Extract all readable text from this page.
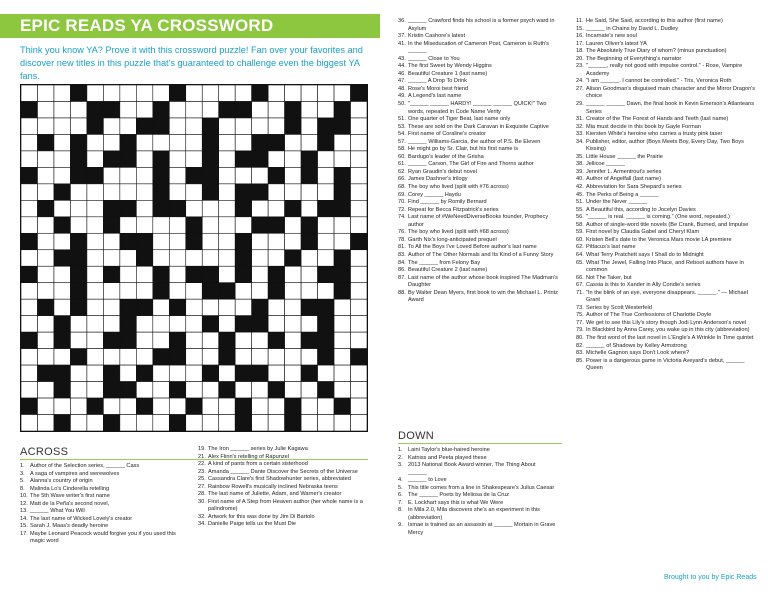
EPIC READS YA CROSSWORD
Think you know YA? Prove it with this crossword puzzle! Fan over your favorites and discover new titles in this puzzle that's guaranteed to challenge even the biggest YA fans.
ACROSS
1. Author of the Selection series, ______ Cass
3. A saga of vampires and werewolves
5. Alanna's country of origin
8. Malinda Lo's Cinderella retelling
10. The 5th Wave writer's first name
12. Matt de la Peña's second novel,
13. ______ What You Will
14. The last name of Wicked Lovely's creator
15. Sarah J. Maas's deadly heroine
17. Maybe Leonard Peacock would forgive you if you used this magic word
19. The Iron ______ series by Julie Kagawa
21. Alex Flinn's retelling of Rapunzel
22. A kind of pants from a certain sisterhood
23. Amanda ______ Dante Discover the Secrets of the Universe
25. Cassandra Clare's first Shadowhunter series, abbreviated
27. Rainbow Rowell's musically inclined Nebraska teens
28. The last name of Juliette, Adam, and Warner's creator
30. First name of A Step from Heaven author (her whole name is a palindrome)
32. Artwork for this was done by Jim Di Bartolo
34. Danielle Paige tells us the Must Die
36. ______ Crawford finds his school is a former psych ward in Asylum
37. Kristin Cashore's latest
41. In the Miseducation of Cameron Post, Cameron is Ruth's
______
43. ______ Close to You
44. The first Sweet by Wendy Higgins
46. Beautiful Creature 1 (last name)
47. ______ A Drop To Drink
48. Rose's Moroi best friend
49. A Legend's last name
50. "______ ______ HARDY! ______ ______ QUICK!" Two words, repeated in Code Name Verity
51. One quarter of Tiger Beat, last name only
53. These are sold on the Dark Caravan in Exquisite Captive
54. First name of Coraline's creator
57. ______ Williams-Garcia, the author of P.S. Be Eleven
58. He might go by Sr. Clair, but his first name is
60. Bardugo's leader of the Grisha
61. ______ Carson, The Girl of Fire and Thorns author
62. Ryan Graudin's debut novel
66. James Dashner's trilogy
68. The boy who lived (split with #76 across)
69. Corey ______ Haydu
70. Find ______ by Romily Bernard
72. Repeat for Becca Fitzpatrick's series
74. Last name of #WeNeedDiverseBooks founder, Prophecy author
76. The boy who lived (split with #68 across)
78. Garth Nix's long-anticipated prequel
81. To All the Boys I've Loved Before author's last name
83. Author of The Other Normals and Its Kind of a Funny Story
84. The ______ from Felony Bay
86. Beautiful Creature 2 (last name)
87. Last name of the author whose book inspired The Madman's Daughter
88. By Walter Dean Myers, first book to win the Michael L. Printz Award
DOWN
1. Laini Taylor's blue-haired heroine
2. Katniss and Peeta played these
3. 2013 National Book Award winner, The Thing About
______
4. ______ to Love
5. This title comes from a line in Shakespeare's Julius Caesar
6. The ______ Poets by Meliosa de la Cruz
7. E. Lockhart says this is what We Were
8. In Mila 2.0, Mila discovers she's an experiment in this (abbreviation)
9. Ismae is trained as an assassin at ______ Mortain in Grave Mercy
11. He Said, She Said, according to this author (first name)
15. ______ in Chains by David L. Dudley
16. Incarnate's new soul
17. Lauren Oliver's latest YA
18. The Absolutely True Diary of whom? (minus punctuation)
20. The Beginning of Everything's narrator
23. "______, really not good with impulse control." - Rose, Vampire Academy
24. "I am ______. I cannot be controlled." - Tris, Veronica Roth
27. Alison Goodman's disguised main character and the Mirror Dragon's choice
29. ______ ______ Dawn, the final book in Kevin Emerson's Atlanteans Series
31. Creator of the The Forest of Hands and Teeth (last name)
32. Mia must decide in this book by Gayle Forman
33. Kiersten White's heroine who carries a trusty pink taser
34. Publisher, editor, author (Boys Meets Boy, Every Day, Two Boys Kissing)
35. Little House ______ the Prairie
38. Jellicoe ______
39. Jennifer L. Armentrout's series
40. Author of Angelfall (last name)
42. Abbreviation for Sara Shepard's series
45. The Perks of Being a ______
51. Under the Never ______
55. A Beautiful this, according to Jocelyn Davies
56. "______ is real. ______ is coming." (One word, repeated.)
58. Author of single-word title novels (Be Crank, Burned, and Impulse
59. First novel by Claudia Gabel and Cheryl Klam
60. Kristen Bell's date to the Veronica Mars movie LA premiere
62. Pittacus's last name
64. What Terry Pratchett says I Shall do to Midnight
65. What The Jewel, Falling Into Place, and Reboot authors have in common
66. Not The Taker, but
67. Cassia is this to Xander in Ally Condie's series
71. "In the blink of an eye, everyone disappears. ______." — Michael Grant
73. Series by Scott Westerfeld
75. Author of The True Confessions of Charlotte Doyle
77. We get to see this Lily's story though Jodi Lynn Anderson's novel
79. In Blackbird by Anna Carey, you wake up in this city (abbreviation)
80. The first word of the last novel in L'Engle's A Wrinkle In Time quintet
82. ______ of Shadows by Kelley Armstrong
83. Michelle Gagnon says Don't Look where?
85. Power is a dangerous game in Victoria Aveyard's debut, ______ Queen
Brought to you by Epic Reads
